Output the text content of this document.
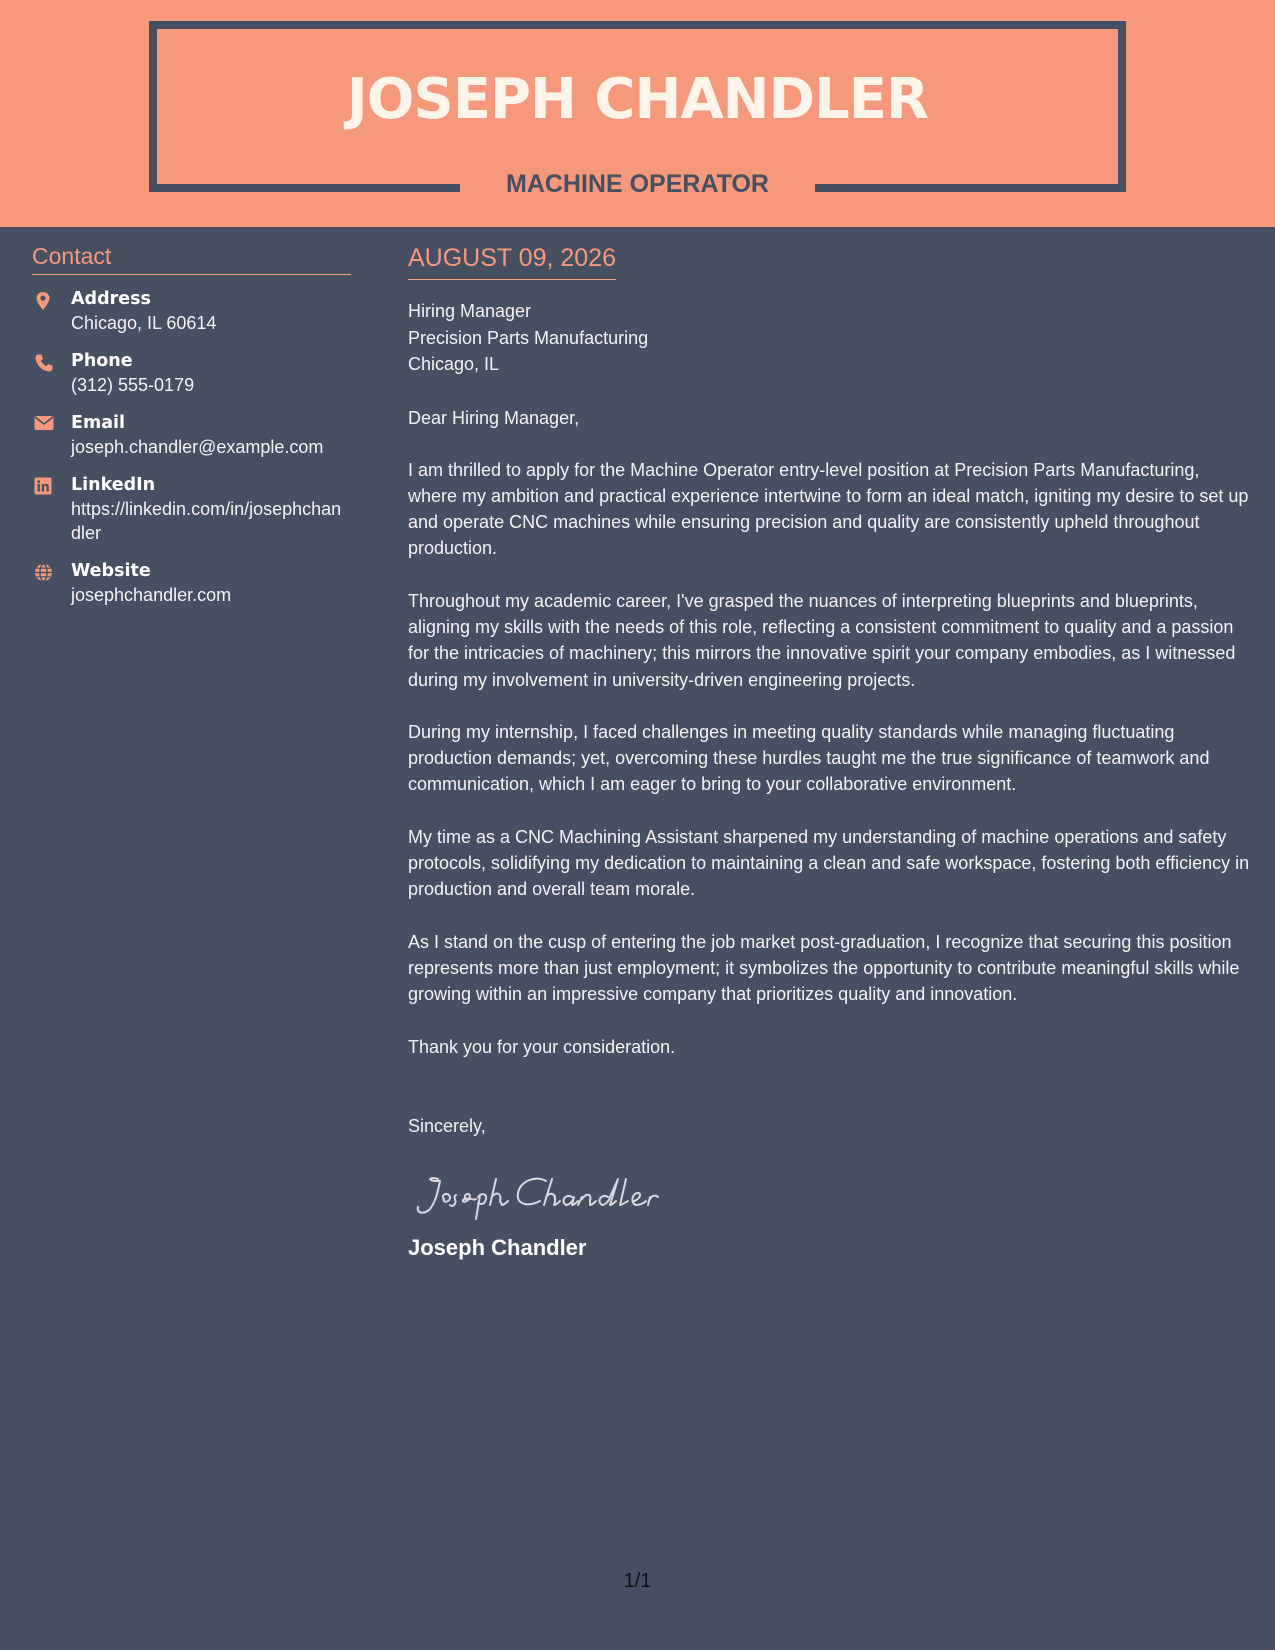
JOSEPH CHANDLER
MACHINE OPERATOR
Contact
Address
Chicago, IL 60614
Phone
(312) 555-0179
Email
joseph.chandler@example.com
LinkedIn
https://linkedin.com/in/josephchandler
Website
josephchandler.com
AUGUST 09, 2026
Hiring Manager
Precision Parts Manufacturing
Chicago, IL
Dear Hiring Manager,
I am thrilled to apply for the Machine Operator entry-level position at Precision Parts Manufacturing, where my ambition and practical experience intertwine to form an ideal match, igniting my desire to set up and operate CNC machines while ensuring precision and quality are consistently upheld throughout production.
Throughout my academic career, I've grasped the nuances of interpreting blueprints and blueprints, aligning my skills with the needs of this role, reflecting a consistent commitment to quality and a passion for the intricacies of machinery; this mirrors the innovative spirit your company embodies, as I witnessed during my involvement in university-driven engineering projects.
During my internship, I faced challenges in meeting quality standards while managing fluctuating production demands; yet, overcoming these hurdles taught me the true significance of teamwork and communication, which I am eager to bring to your collaborative environment.
My time as a CNC Machining Assistant sharpened my understanding of machine operations and safety protocols, solidifying my dedication to maintaining a clean and safe workspace, fostering both efficiency in production and overall team morale.
As I stand on the cusp of entering the job market post-graduation, I recognize that securing this position represents more than just employment; it symbolizes the opportunity to contribute meaningful skills while growing within an impressive company that prioritizes quality and innovation.
Thank you for your consideration.
Sincerely,
Joseph Chandler
1/1
